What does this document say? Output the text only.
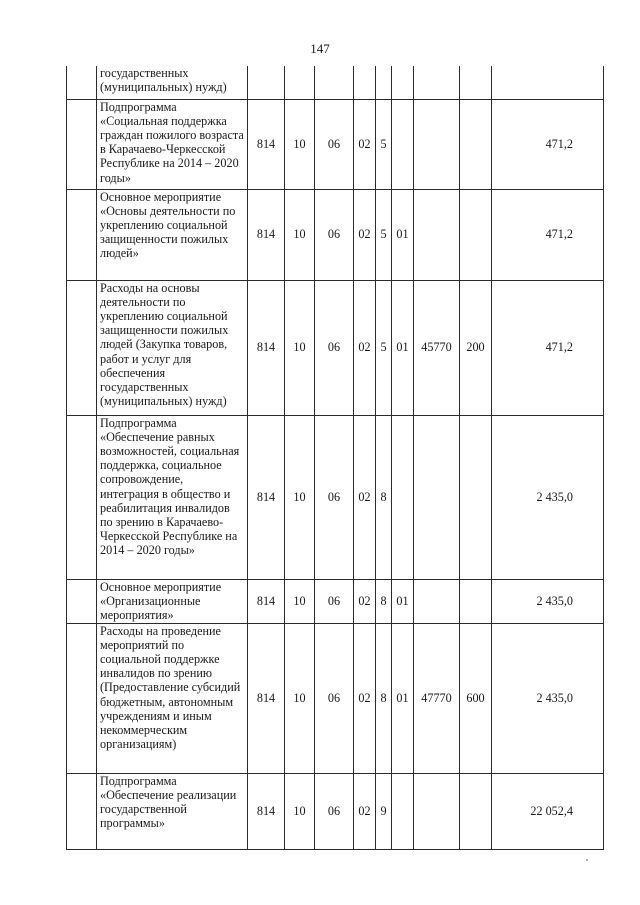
147
	государственных (муниципальных) нужд)									
	Подпрограмма «Социальная поддержка граждан пожилого возраста в Карачаево-Черкесской Республике на 2014 – 2020 годы»	814	10	06	02	5				471,2
	Основное мероприятие «Основы деятельности по укреплению социальной защищенности пожилых людей»	814	10	06	02	5	01			471,2
	Расходы на основы деятельности по укреплению социальной защищенности пожилых людей (Закупка товаров, работ и услуг для обеспечения государственных (муниципальных) нужд)	814	10	06	02	5	01	45770	200	471,2
	Подпрограмма «Обеспечение равных возможностей, социальная поддержка, социальное сопровождение, интеграция в общество и реабилитация инвалидов по зрению в Карачаево-Черкесской Республике на 2014 – 2020 годы»	814	10	06	02	8				2 435,0
	Основное мероприятие «Организационные мероприятия»	814	10	06	02	8	01			2 435,0
	Расходы на проведение мероприятий по социальной поддержке инвалидов по зрению (Предоставление субсидий бюджетным, автономным учреждениям и иным некоммерческим организациям)	814	10	06	02	8	01	47770	600	2 435,0
	Подпрограмма «Обеспечение реализации государственной программы»	814	10	06	02	9				22 052,4
